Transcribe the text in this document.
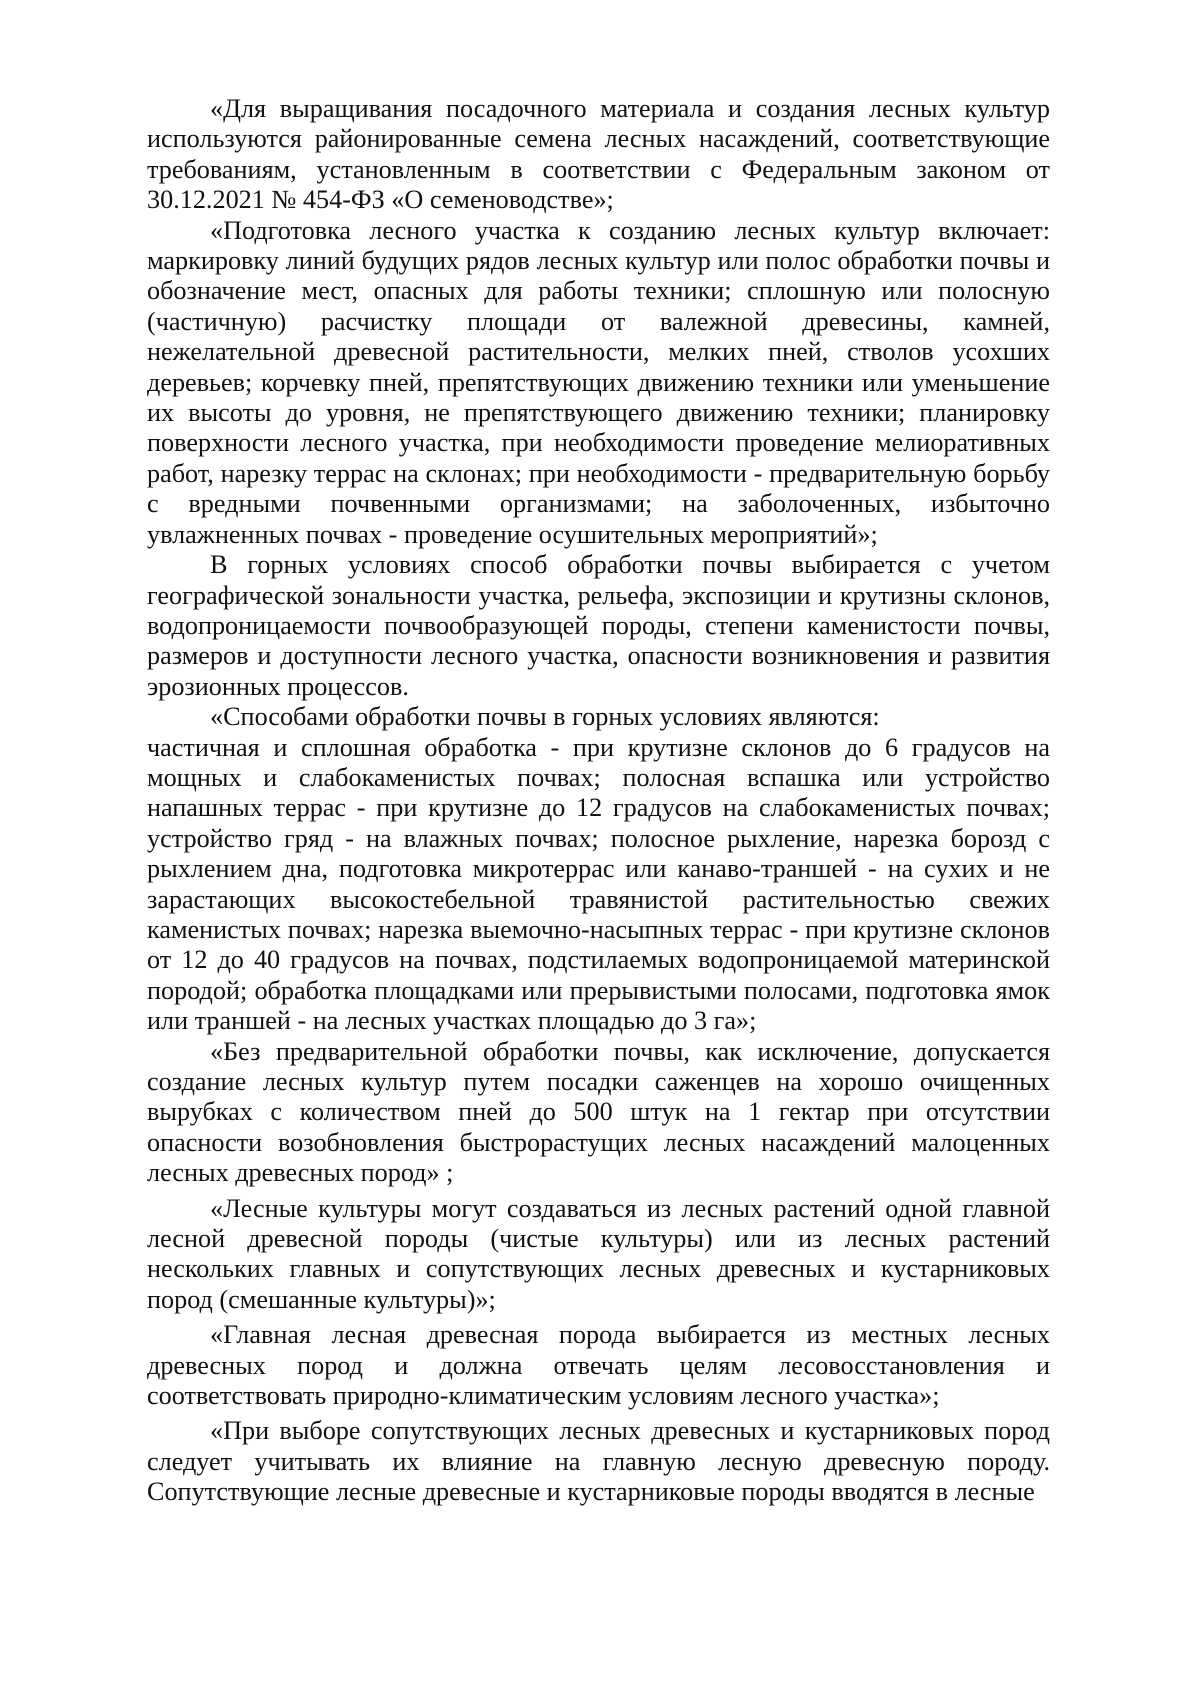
«Для выращивания посадочного материала и создания лесных культур используются районированные семена лесных насаждений, соответствующие требованиям, установленным в соответствии с Федеральным законом от 30.12.2021 № 454-ФЗ «О семеноводстве»;

«Подготовка лесного участка к созданию лесных культур включает: маркировку линий будущих рядов лесных культур или полос обработки почвы и обозначение мест, опасных для работы техники; сплошную или полосную (частичную) расчистку площади от валежной древесины, камней, нежелательной древесной растительности, мелких пней, стволов усохших деревьев; корчевку пней, препятствующих движению техники или уменьшение их высоты до уровня, не препятствующего движению техники; планировку поверхности лесного участка, при необходимости проведение мелиоративных работ, нарезку террас на склонах; при необходимости - предварительную борьбу с вредными почвенными организмами; на заболоченных, избыточно увлажненных почвах - проведение осушительных мероприятий»;

В горных условиях способ обработки почвы выбирается с учетом географической зональности участка, рельефа, экспозиции и крутизны склонов, водопроницаемости почвообразующей породы, степени каменистости почвы, размеров и доступности лесного участка, опасности возникновения и развития эрозионных процессов.

«Способами обработки почвы в горных условиях являются:

частичная и сплошная обработка - при крутизне склонов до 6 градусов на мощных и слабокаменистых почвах; полосная вспашка или устройство напашных террас - при крутизне до 12 градусов на слабокаменистых почвах; устройство гряд - на влажных почвах; полосное рыхление, нарезка борозд с рыхлением дна, подготовка микротеррас или канаво-траншей - на сухих и не зарастающих высокостебельной травянистой растительностью свежих каменистых почвах; нарезка выемочно-насыпных террас - при крутизне склонов от 12 до 40 градусов на почвах, подстилаемых водопроницаемой материнской породой; обработка площадками или прерывистыми полосами, подготовка ямок или траншей - на лесных участках площадью до 3 га»;

«Без предварительной обработки почвы, как исключение, допускается создание лесных культур путем посадки саженцев на хорошо очищенных вырубках с количеством пней до 500 штук на 1 гектар при отсутствии опасности возобновления быстрорастущих лесных насаждений малоценных лесных древесных пород» ;

«Лесные культуры могут создаваться из лесных растений одной главной лесной древесной породы (чистые культуры) или из лесных растений нескольких главных и сопутствующих лесных древесных и кустарниковых пород (смешанные культуры)»;

«Главная лесная древесная порода выбирается из местных лесных древесных пород и должна отвечать целям лесовосстановления и соответствовать природно-климатическим условиям лесного участка»;

«При выборе сопутствующих лесных древесных и кустарниковых пород следует учитывать их влияние на главную лесную древесную породу. Сопутствующие лесные древесные и кустарниковые породы вводятся в лесные
